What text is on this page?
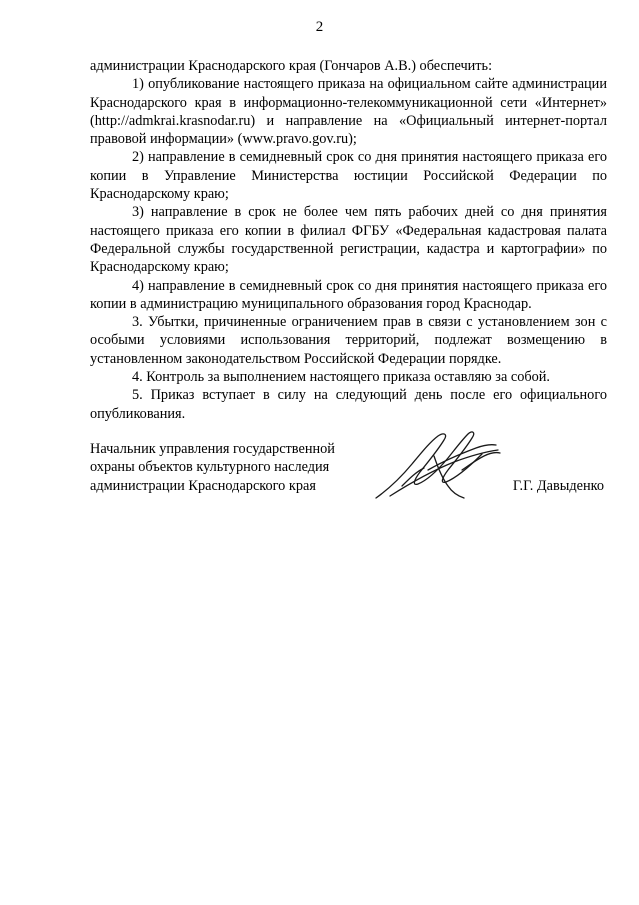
2

администрации Краснодарского края (Гончаров А.В.) обеспечить:

1) опубликование настоящего приказа на официальном сайте администрации Краснодарского края в информационно-телекоммуникационной сети «Интернет» (http://admkrai.krasnodar.ru) и направление на «Официальный интернет-портал правовой информации» (www.pravo.gov.ru);

2) направление в семидневный срок со дня принятия настоящего приказа его копии в Управление Министерства юстиции Российской Федерации по Краснодарскому краю;

3) направление в срок не более чем пять рабочих дней со дня принятия настоящего приказа его копии в филиал ФГБУ «Федеральная кадастровая палата Федеральной службы государственной регистрации, кадастра и картографии» по Краснодарскому краю;

4) направление в семидневный срок со дня принятия настоящего приказа его копии в администрацию муниципального образования город Краснодар.

3. Убытки, причиненные ограничением прав в связи с установлением зон с особыми условиями использования территорий, подлежат возмещению в установленном законодательством Российской Федерации порядке.

4. Контроль за выполнением настоящего приказа оставляю за собой.

5. Приказ вступает в силу на следующий день после его официального опубликования.

Начальник управления государственной
охраны объектов культурного наследия
администрации Краснодарского края	Г.Г. Давыденко
